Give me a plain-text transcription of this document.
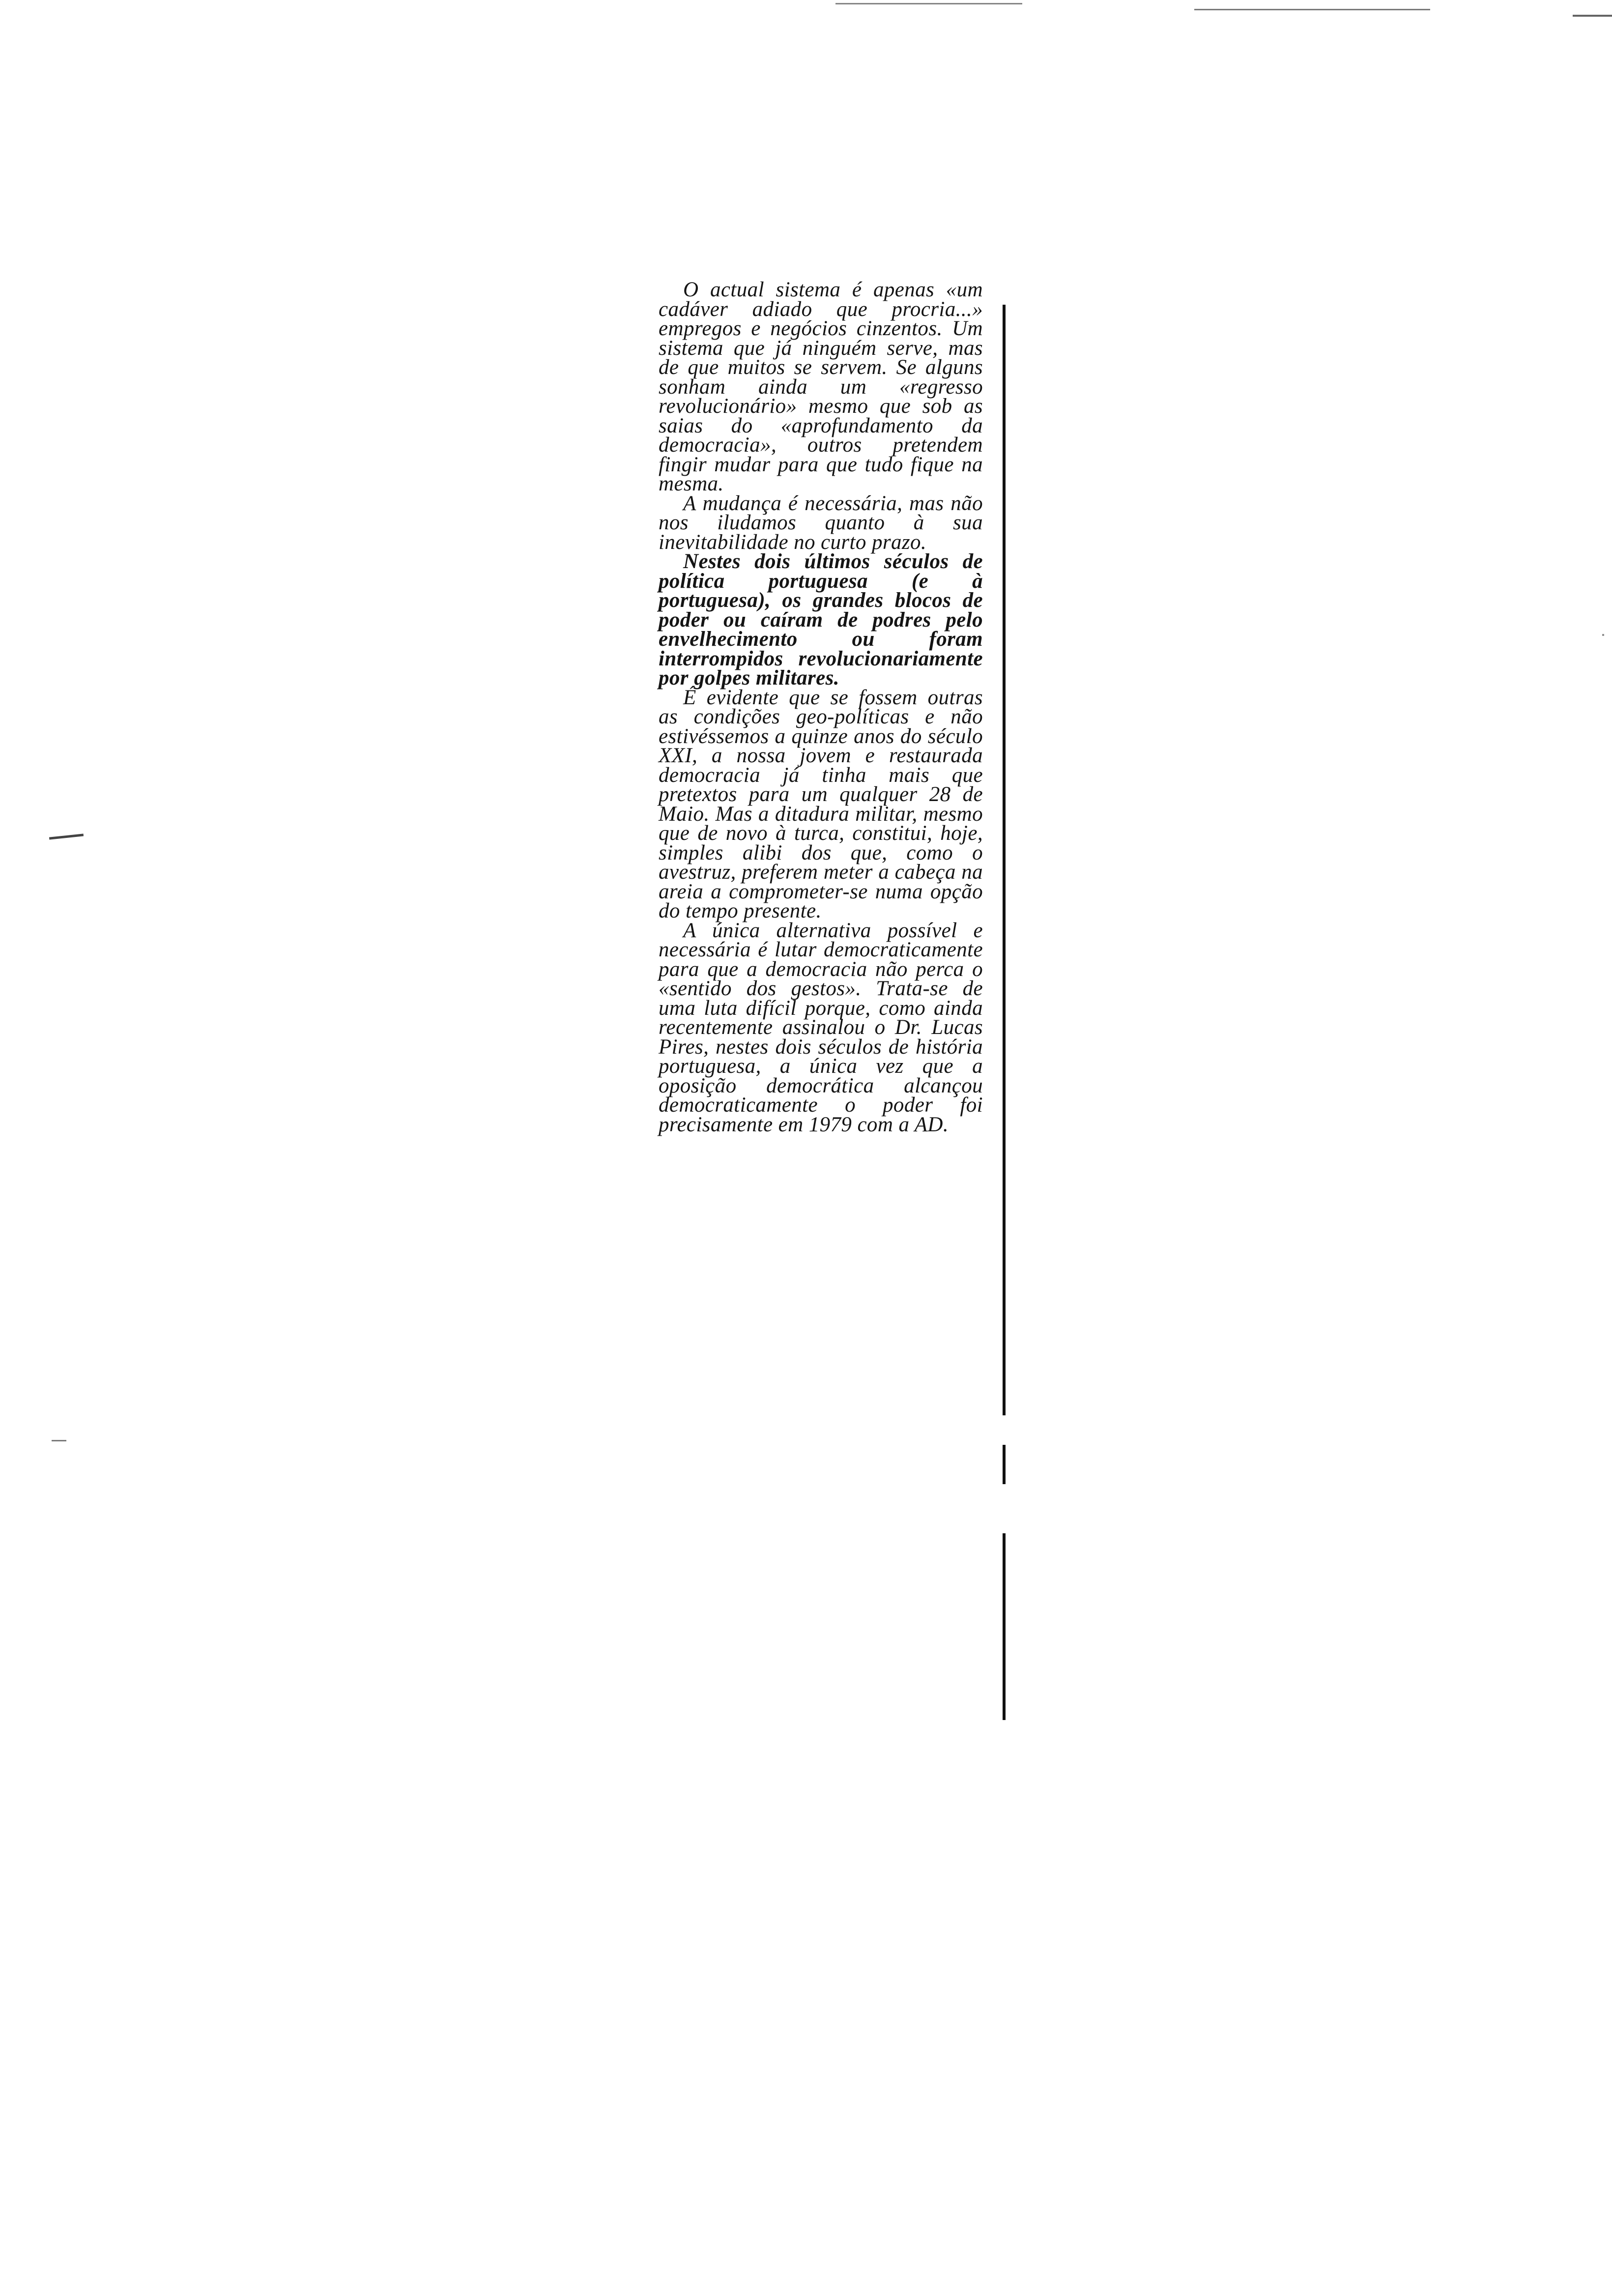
O actual sistema é apenas «um cadáver adiado que procria...» empregos e negócios cinzentos. Um sistema que já ninguém serve, mas de que muitos se servem. Se alguns sonham ainda um «regresso revolucionário» mesmo que sob as saias do «aprofundamento da democracia», outros pretendem fingir mudar para que tudo fique na mesma.

A mudança é necessária, mas não nos iludamos quanto à sua inevitabilidade no curto prazo.

Nestes dois últimos séculos de política portuguesa (e à portuguesa), os grandes blocos de poder ou caíram de podres pelo envelhecimento ou foram interrompidos revolucionariamente por golpes militares.

É evidente que se fossem outras as condições geo-políticas e não estivéssemos a quinze anos do século XXI, a nossa jovem e restaurada democracia já tinha mais que pretextos para um qualquer 28 de Maio. Mas a ditadura militar, mesmo que de novo à turca, constitui, hoje, simples alibi dos que, como o avestruz, preferem meter a cabeça na areia a comprometer-se numa opção do tempo presente.

A única alternativa possível e necessária é lutar democraticamente para que a democracia não perca o «sentido dos gestos». Trata-se de uma luta difícil porque, como ainda recentemente assinalou o Dr. Lucas Pires, nestes dois séculos de história portuguesa, a única vez que a oposição democrática alcançou democraticamente o poder foi precisamente em 1979 com a AD.
